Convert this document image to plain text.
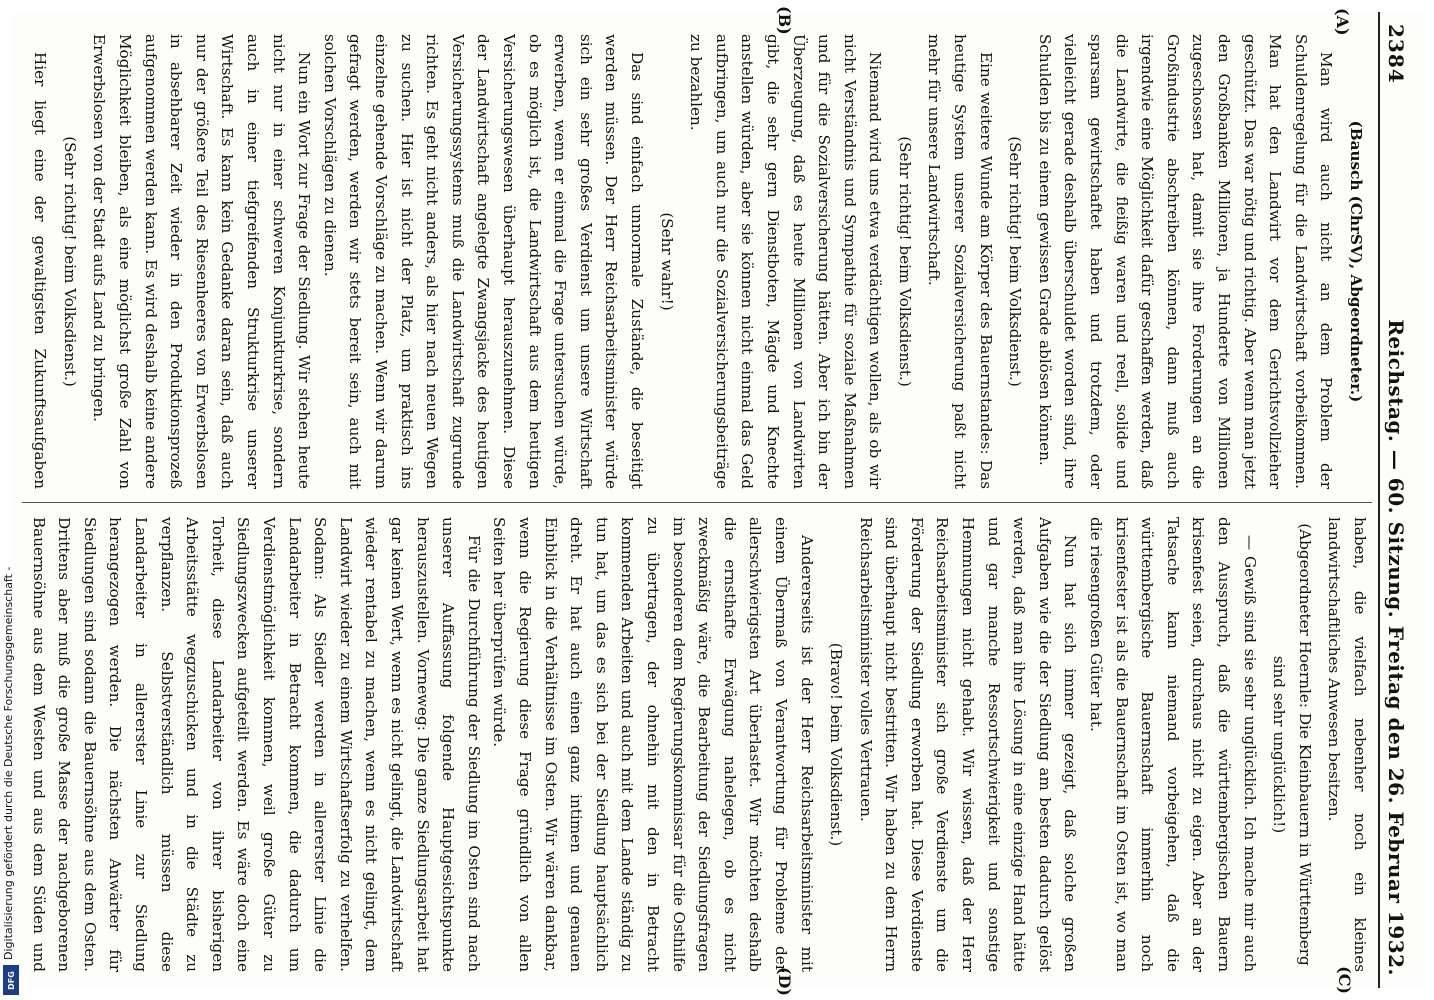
2384
Reichstag. — 60. Sitzung. Freitag den 26. Februar 1932.

(Bausch (ChrSV), Abgeordneter.)

Man wird auch nicht an dem Problem der Schuldenregelung für die Landwirtschaft vorbeikommen. Man hat den Landwirt vor dem Gerichtsvollzieher geschützt. Das war nötig und richtig. Aber wenn man jetzt den Großbanken Millionen, ja Hunderte von Millionen zugeschossen hat, damit sie ihre Forderungen an die Großindustrie abschreiben können, dann muß auch irgendwie eine Möglichkeit dafür geschaffen werden, daß die Landwirte, die fleißig waren und reell, solide und sparsam gewirtschaftet haben und trotzdem, oder vielleicht gerade deshalb überschuldet worden sind, ihre Schulden bis zu einem gewissen Grade ablösen können.

(Sehr richtig! beim Volksdienst.)

Eine weitere Wunde am Körper des Bauernstandes: Das heutige System unserer Sozialversicherung paßt nicht mehr für unsere Landwirtschaft.

(Sehr richtig! beim Volksdienst.)

Niemand wird uns etwa verdächtigen wollen, als ob wir nicht Verständnis und Sympathie für soziale Maßnahmen und für die Sozialversicherung hätten. Aber ich bin der Überzeugung, daß es heute Millionen von Landwirten gibt, die sehr gern Dienstboten, Mägde und Knechte anstellen würden, aber sie können nicht einmal das Geld aufbringen, um auch nur die Sozialversicherungsbeiträge zu bezahlen.

(Sehr wahr!)

Das sind einfach unnormale Zustände, die beseitigt werden müssen. Der Herr Reichsarbeitsminister würde sich ein sehr großes Verdienst um unsere Wirtschaft erwerben, wenn er einmal die Frage untersuchen würde, ob es möglich ist, die Landwirtschaft aus dem heutigen Versicherungswesen überhaupt herauszunehmen. Diese der Landwirtschaft angelegte Zwangsjacke des heutigen Versicherungssystems muß die Landwirtschaft zugrunde richten. Es geht nicht anders, als hier nach neuen Wegen zu suchen. Hier ist nicht der Platz, um praktisch ins einzelne gehende Vorschläge zu machen. Wenn wir darum gefragt werden, werden wir stets bereit sein, auch mit solchen Vorschlägen zu dienen.

Nun ein Wort zur Frage der Siedlung. Wir stehen heute nicht nur in einer schweren Konjunkturkrise, sondern auch in einer tiefgreifenden Strukturkrise unserer Wirtschaft. Es kann kein Gedanke daran sein, daß auch nur der größere Teil des Riesenheeres von Erwerbslosen in absehbarer Zeit wieder in den Produktionsprozeß aufgenommen werden kann. Es wird deshalb keine andere Möglichkeit bleiben, als eine möglichst große Zahl von Erwerbslosen von der Stadt aufs Land zu bringen.

(Sehr richtig! beim Volksdienst.)

Hier liegt eine der gewaltigsten Zukunftsaufgaben

haben, die vielfach nebenher noch ein kleines landwirtschaftliches Anwesen besitzen.

(Abgeordneter Hoernle: Die Kleinbauern in Württemberg sind sehr unglücklich!)

— Gewiß sind sie sehr unglücklich. Ich mache mir auch den Ausspruch, daß die württembergischen Bauern krisenfest seien, durchaus nicht zu eigen. Aber an der Tatsache kann niemand vorbeigehen, daß die württembergische Bauernschaft immerhin noch krisenfester ist als die Bauernschaft im Osten ist, wo man die riesengroßen Güter hat.

Nun hat sich immer gezeigt, daß solche großen Aufgaben wie die der Siedlung am besten dadurch gelöst werden, daß man ihre Lösung in eine einzige Hand hätte und gar manche Ressortschwierigkeit und sonstige Hemmungen nicht gehabt. Wir wissen, daß der Herr Reichsarbeitsminister sich große Verdienste um die Förderung der Siedlung erworben hat. Diese Verdienste sind überhaupt nicht bestritten. Wir haben zu dem Herrn Reichsarbeitsminister volles Vertrauen.

(Bravo! beim Volksdienst.)

Andererseits ist der Herr Reichsarbeitsminister mit einem Übermaß von Verantwortung für Probleme der allerschwierigsten Art überlastet. Wir möchten deshalb die ernsthafte Erwägung nahelegen, ob es nicht zweckmäßig wäre, die Bearbeitung der Siedlungsfragen im besonderen dem Regierungskommissar für die Osthilfe zu übertragen, der ohnehin mit den in Betracht kommenden Arbeiten und auch mit dem Lande ständig zu tun hat, um das es sich bei der Siedlung hauptsächlich dreht. Er hat auch einen ganz intimen und genauen Einblick in die Verhältnisse im Osten. Wir wären dankbar, wenn die Regierung diese Frage gründlich von allen Seiten her überprüfen würde.

Für die Durchführung der Siedlung im Osten sind nach unserer Auffassung folgende Hauptgesichtspunkte herauszustellen. Vorneweg: Die ganze Siedlungsarbeit hat gar keinen Wert, wenn es nicht gelingt, die Landwirtschaft wieder rentabel zu machen, wenn es nicht gelingt, dem Landwirt wieder zu einem Wirtschaftserfolg zu verhelfen. Sodann: Als Siedler werden in allererster Linie die Landarbeiter in Betracht kommen, die dadurch um Verdienstmöglichkeit kommen, weil große Güter zu Siedlungszwecken aufgeteilt werden. Es wäre doch eine Torheit, diese Landarbeiter von ihrer bisherigen Arbeitsstätte wegzuschicken und in die Städte zu verpflanzen. Selbstverständlich müssen diese Landarbeiter in allererster Linie zur Siedlung herangezogen werden. Die nächsten Anwärter für Siedlungen sind sodann die Bauernsöhne aus dem Osten. Drittens aber muß die große Masse der nachgeborenen Bauernsöhne aus dem Westen und aus dem Süden und

(A)
(B)
(C)
(D)
Digitalisierung gefördert durch die Deutsche Forschungsgemeinschaft -
DFG
